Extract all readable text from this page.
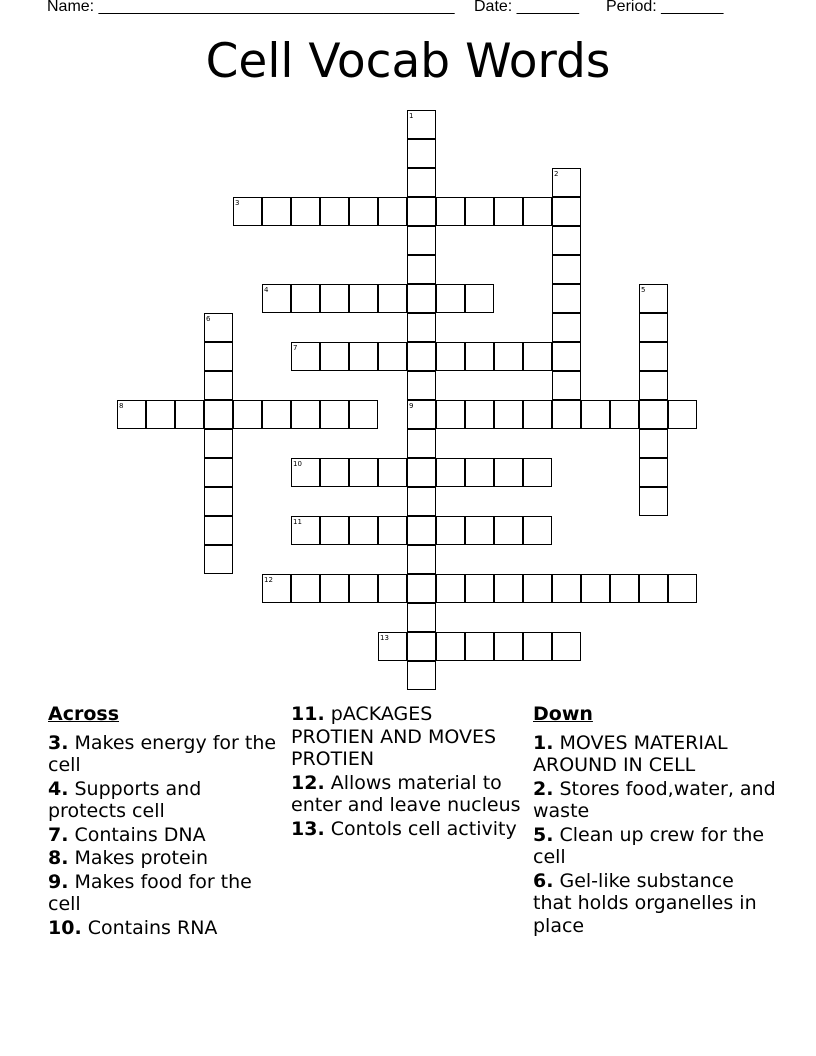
Name: ________________________________________ Date: _______ Period: _______
Cell Vocab Words
1
9
2
3
4	5
6
7
8
10
11
12
13
Across
3. Makes energy for the cell
4. Supports and protects cell
7. Contains DNA
8. Makes protein
9. Makes food for the cell
10. Contains RNA
11. pACKAGES PROTIEN AND MOVES PROTIEN
12. Allows material to enter and leave nucleus
13. Contols cell activity
Down
1. MOVES MATERIAL AROUND IN CELL
2. Stores food,water, and waste
5. Clean up crew for the cell
6. Gel-like substance that holds organelles in place
